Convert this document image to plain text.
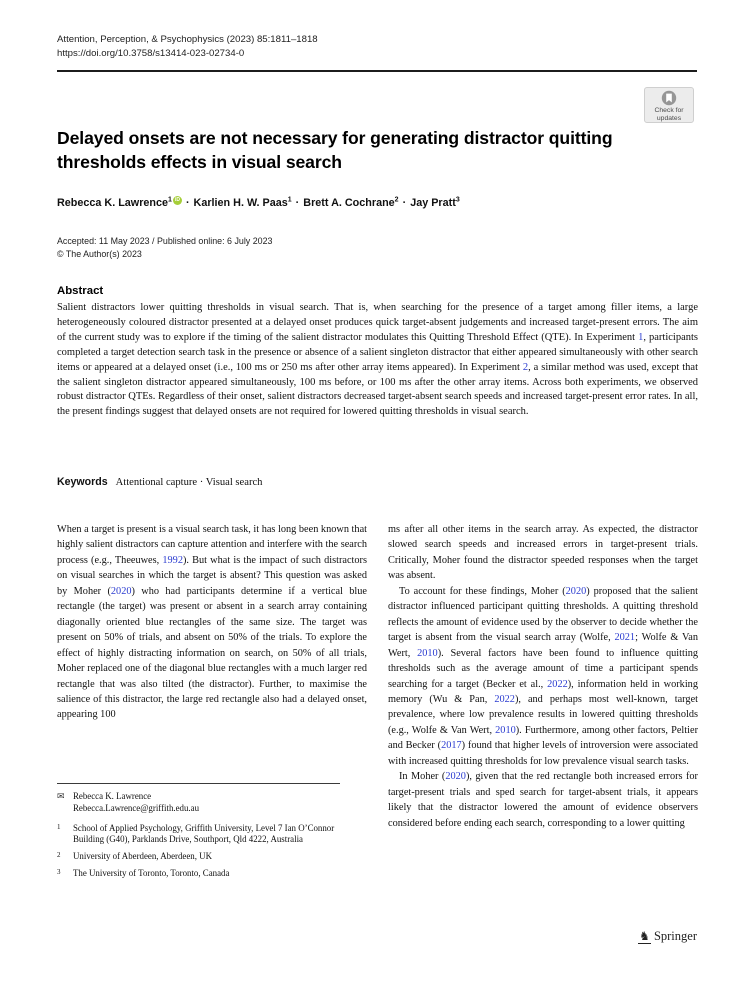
Attention, Perception, & Psychophysics (2023) 85:1811–1818
https://doi.org/10.3758/s13414-023-02734-0
Check for
updates
Delayed onsets are not necessary for generating distractor quitting thresholds effects in visual search
Rebecca K. Lawrence$^1$ iD · Karlien H. W. Paas$^1$ · Brett A. Cochrane$^2$ · Jay Pratt$^3$
Accepted: 11 May 2023 / Published online: 6 July 2023
© The Author(s) 2023
Abstract
Salient distractors lower quitting thresholds in visual search. That is, when searching for the presence of a target among filler items, a large heterogeneously coloured distractor presented at a delayed onset produces quick target-absent judgements and increased target-present errors. The aim of the current study was to explore if the timing of the salient distractor modulates this Quitting Threshold Effect (QTE). In Experiment 1, participants completed a target detection search task in the presence or absence of a salient singleton distractor that either appeared simultaneously with other search items or appeared at a delayed onset (i.e., 100 ms or 250 ms after other array items appeared). In Experiment 2, a similar method was used, except that the salient singleton distractor appeared simultaneously, 100 ms before, or 100 ms after the other array items. Across both experiments, we observed robust distractor QTEs. Regardless of their onset, salient distractors decreased target-absent search speeds and increased target-present error rates. In all, the present findings suggest that delayed onsets are not required for lowered quitting thresholds in visual search.
Keywords Attentional capture · Visual search

When a target is present is a visual search task, it has long been known that highly salient distractors can capture attention and interfere with the search process (e.g., Theeuwes, 1992). But what is the impact of such distractors on visual searches in which the target is absent? This question was asked by Moher (2020) who had participants determine if a vertical blue rectangle (the target) was present or absent in a search array containing diagonally oriented blue rectangles of the same size. The target was present on 50% of trials, and absent on 50% of the trials. To explore the effect of highly distracting information on search, on 50% of all trials, Moher replaced one of the diagonal blue rectangles with a much larger red rectangle that was also tilted (the distractor). Further, to maximise the salience of this distractor, the large red rectangle also had a delayed onset, appearing 100

ms after all other items in the search array. As expected, the distractor slowed search speeds and increased errors in target-present trials. Critically, Moher found the distractor speeded responses when the target was absent.

To account for these findings, Moher (2020) proposed that the salient distractor influenced participant quitting thresholds. A quitting threshold reflects the amount of evidence used by the observer to decide whether the target is absent from the visual search array (Wolfe, 2021; Wolfe & Van Wert, 2010). Several factors have been found to influence quitting thresholds such as the average amount of time a participant spends searching for a target (Becker et al., 2022), information held in working memory (Wu & Pan, 2022), and perhaps most well-known, target prevalence, where low prevalence results in lowered quitting thresholds (e.g., Wolfe & Van Wert, 2010). Furthermore, among other factors, Peltier and Becker (2017) found that higher levels of introversion were associated with increased quitting thresholds for low prevalence visual search tasks.

In Moher (2020), given that the red rectangle both increased errors for target-present trials and sped search for target-absent trials, it appears likely that the distractor lowered the amount of evidence observers considered before ending each search, corresponding to a lower quitting

✉ Rebecca K. Lawrence
Rebecca.Lawrence@griffith.edu.au
1	School of Applied Psychology, Griffith University, Level 7 Ian O’Connor Building (G40), Parklands Drive, Southport, Qld 4222, Australia
2	University of Aberdeen, Aberdeen, UK
3	The University of Toronto, Toronto, Canada
♞ Springer
